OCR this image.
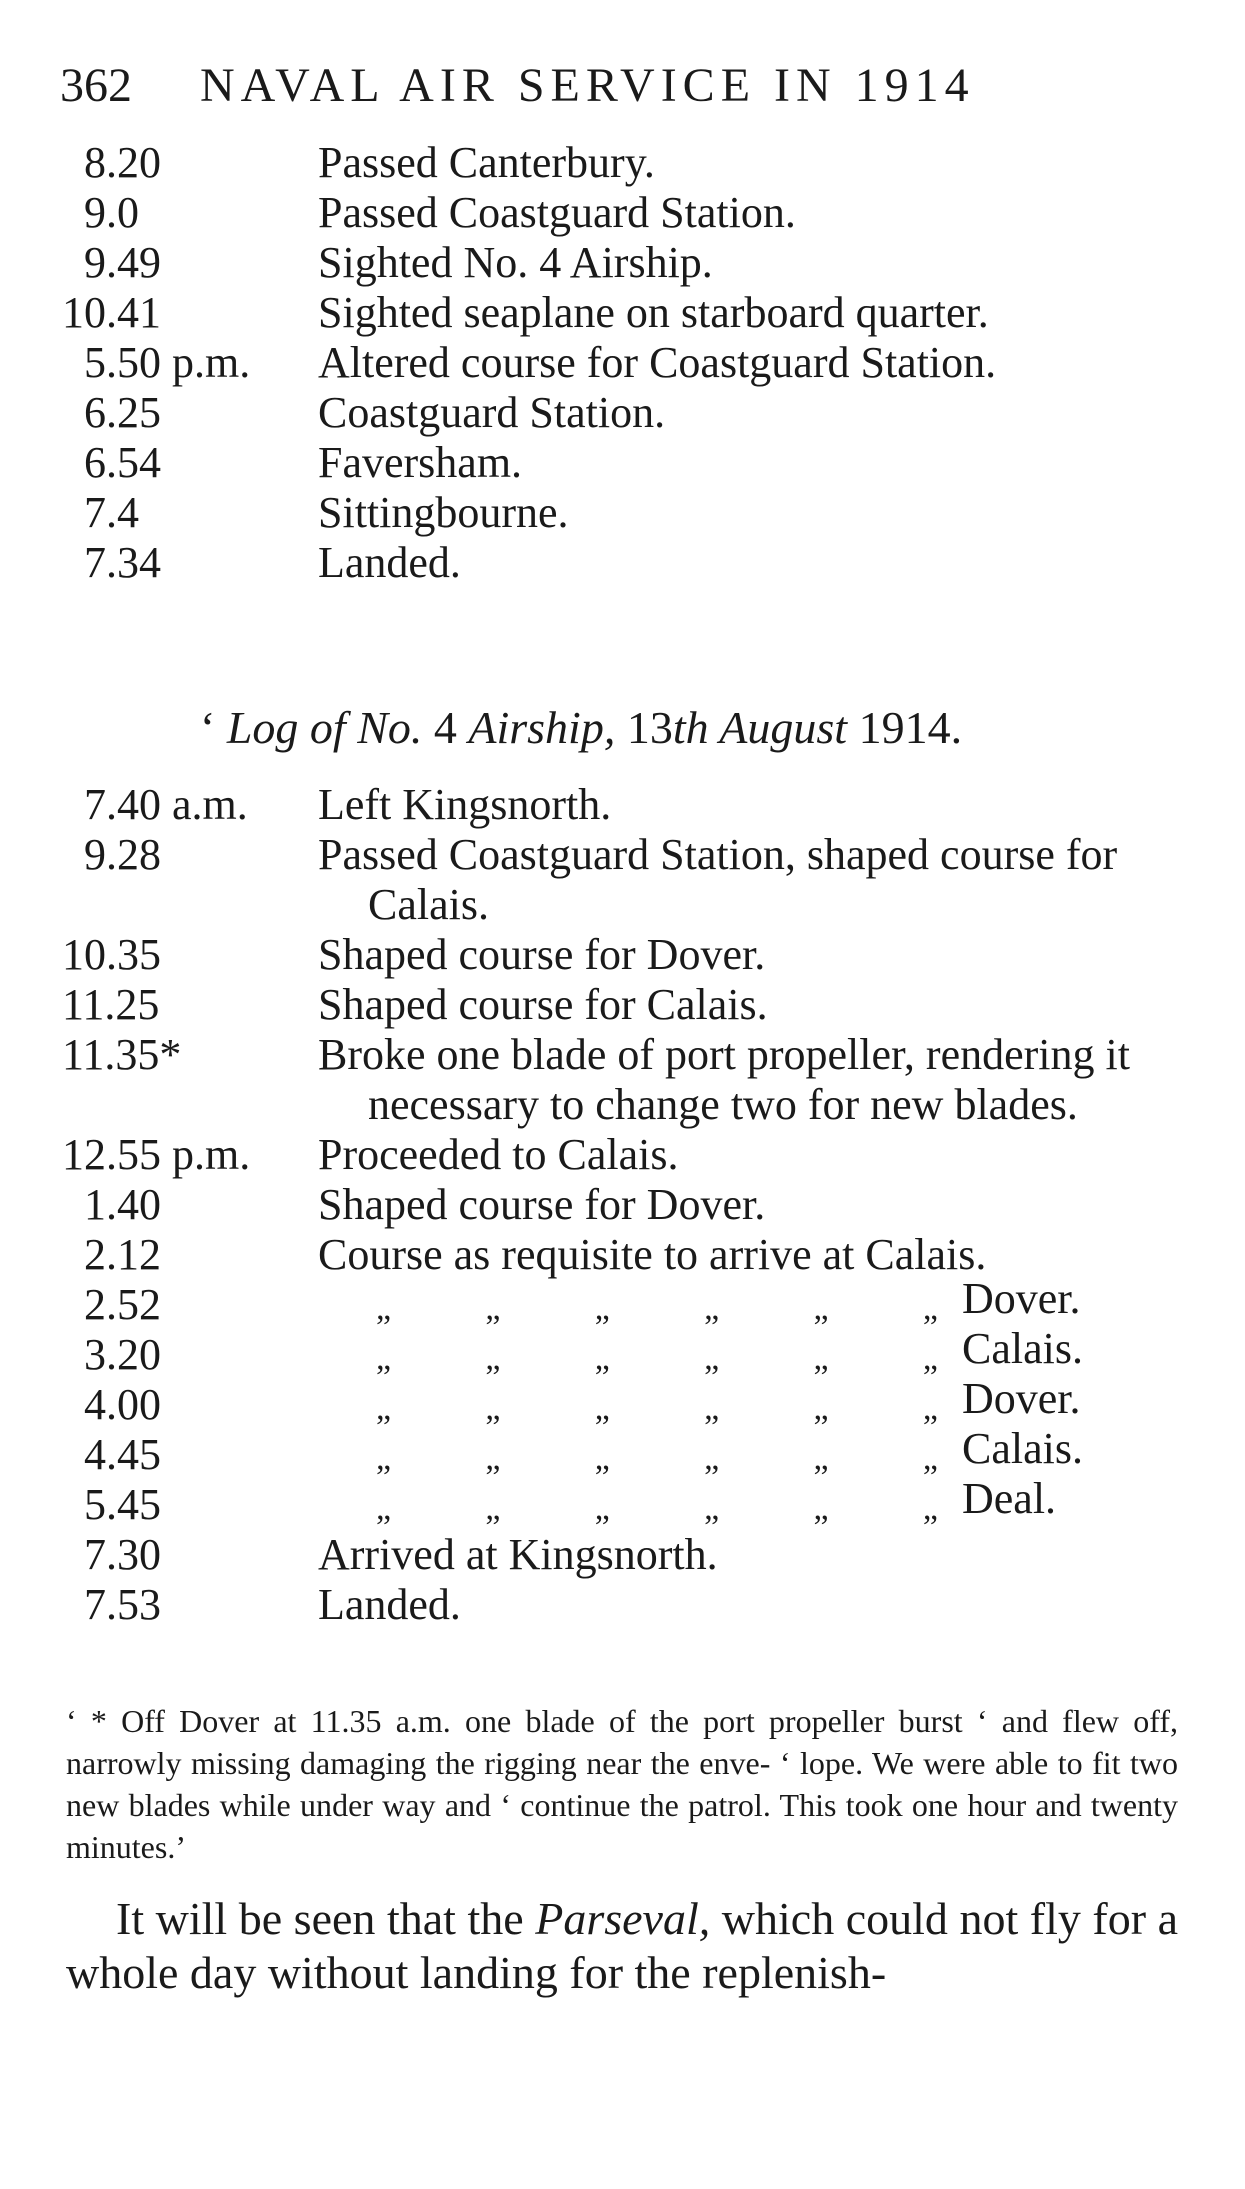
362 NAVAL AIR SERVICE IN 1914
8.20	Passed Canterbury.
9.0	Passed Coastguard Station.
9.49	Sighted No. 4 Airship.
10.41	Sighted seaplane on starboard quarter.
5.50 p.m. Altered course for Coastguard Station.
6.25	Coastguard Station.
6.54	Faversham.
7.4	Sittingbourne.
7.34	Landed.
‘ Log of No. 4 Airship, 13th August 1914.
7.40 a.m. Left Kingsnorth.
9.28	Passed Coastguard Station, shaped course for Calais.
10.35	Shaped course for Dover.
11.25	Shaped course for Calais.
11.35*	Broke one blade of port propeller, rendering it necessary to change two for new blades.
12.55 p.m. Proceeded to Calais.
1.40	Shaped course for Dover.
2.12	Course as requisite to arrive at Calais.
2.52	„	„	„	„	„	„ Dover.
3.20	„	„	„	„	„	„ Calais.
4.00	„	„	„	„	„	„ Dover.
4.45	„	„	„	„	„	„ Calais.
5.45	„	„	„	„	„	„ Deal.
7.30	Arrived at Kingsnorth.
7.53	Landed.
‘ * Off Dover at 11.35 a.m. one blade of the port propeller burst ‘ and flew off, narrowly missing damaging the rigging near the enve- ‘ lope. We were able to fit two new blades while under way and ‘ continue the patrol. This took one hour and twenty minutes.’
It will be seen that the Parseval, which could not fly for a whole day without landing for the replenish-
